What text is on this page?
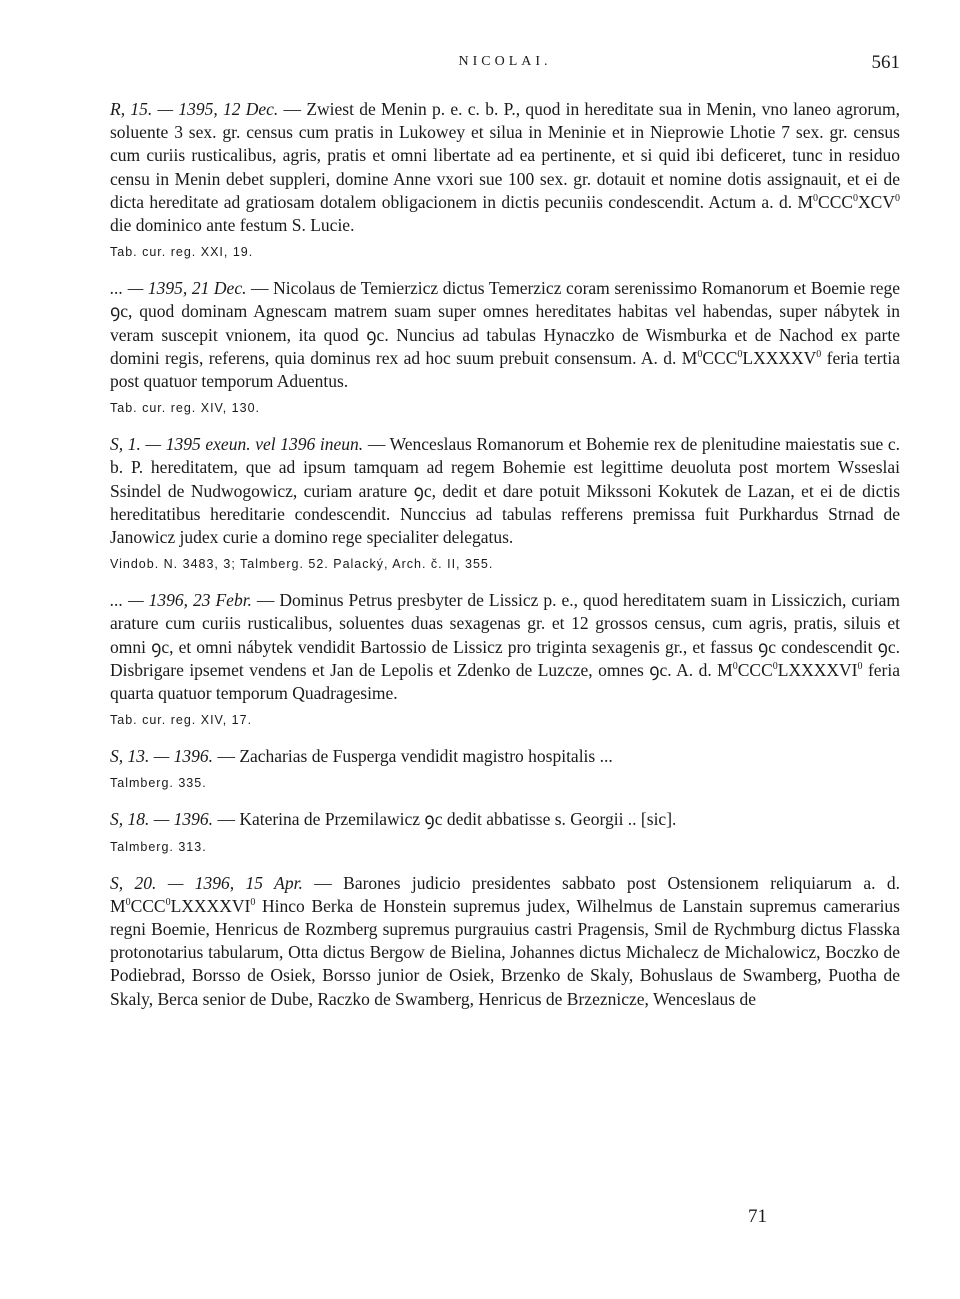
NICOLAI.	561

R, 15. — 1395, 12 Dec. — Zwiest de Menin p. e. c. b. P., quod in hereditate sua in Menin, vno laneo agrorum, soluente 3 sex. gr. census cum pratis in Lukowey et silua in Meninie et in Nieprowie Lhotie 7 sex. gr. census cum curiis rusticalibus, agris, pratis et omni libertate ad ea pertinente, et si quid ibi deficeret, tunc in residuo censu in Menin debet suppleri, domine Anne vxori sue 100 sex. gr. dotauit et nomine dotis assignauit, et ei de dicta hereditate ad gratiosam dotalem obligacionem in dictis pecuniis condescendit. Actum a. d. $M^0CCC^0XCV^0$ die dominico ante festum S. Lucie.

Tab. cur. reg. XXI, 19.

... — 1395, 21 Dec. — Nicolaus de Temierzicz dictus Temerzicz coram serenissimo Romanorum et Boemie rege ꝯc, quod dominam Agnescam matrem suam super omnes hereditates habitas vel habendas, super nábytek in veram suscepit vnionem, ita quod ꝯc. Nuncius ad tabulas Hynaczko de Wismburka et de Nachod ex parte domini regis, referens, quia dominus rex ad hoc suum prebuit consensum. A. d. $M^0CCC^0LXXXXV^0$ feria tertia post quatuor temporum Aduentus.

Tab. cur. reg. XIV, 130.

S, 1. — 1395 exeun. vel 1396 ineun. — Wenceslaus Romanorum et Bohemie rex de plenitudine maiestatis sue c. b. P. hereditatem, que ad ipsum tamquam ad regem Bohemie est legittime deuoluta post mortem Wsseslai Ssindel de Nudwogowicz, curiam arature ꝯc, dedit et dare potuit Mikssoni Kokutek de Lazan, et ei de dictis hereditatibus hereditarie condescendit. Nunccius ad tabulas refferens premissa fuit Purkhardus Strnad de Janowicz judex curie a domino rege specialiter delegatus.

Vindob. N. 3483, 3; Talmberg. 52. Palacký, Arch. č. II, 355.

... — 1396, 23 Febr. — Dominus Petrus presbyter de Lissicz p. e., quod hereditatem suam in Lissiczich, curiam arature cum curiis rusticalibus, soluentes duas sexagenas gr. et 12 grossos census, cum agris, pratis, siluis et omni ꝯc, et omni nábytek vendidit Bartossio de Lissicz pro triginta sexagenis gr., et fassus ꝯc condescendit ꝯc. Disbrigare ipsemet vendens et Jan de Lepolis et Zdenko de Luzcze, omnes ꝯc. A. d. $M^0CCC^0LXXXXVI^0$ feria quarta quatuor temporum Quadragesime.

Tab. cur. reg. XIV, 17.

S, 13. — 1396. — Zacharias de Fusperga vendidit magistro hospitalis ...

Talmberg. 335.

S, 18. — 1396. — Katerina de Przemilawicz ꝯc dedit abbatisse s. Georgii .. [sic].

Talmberg. 313.

S, 20. — 1396, 15 Apr. — Barones judicio presidentes sabbato post Ostensionem reliquiarum a. d. $M^0CCC^0LXXXXVI^0$ Hinco Berka de Honstein supremus judex, Wilhelmus de Lanstain supremus camerarius regni Boemie, Henricus de Rozmberg supremus purgrauius castri Pragensis, Smil de Rychmburg dictus Flasska protonotarius tabularum, Otta dictus Bergow de Bielina, Johannes dictus Michalecz de Michalowicz, Boczko de Podiebrad, Borsso de Osiek, Borsso junior de Osiek, Brzenko de Skaly, Bohuslaus de Swamberg, Puotha de Skaly, Berca senior de Dube, Raczko de Swamberg, Henricus de Brzeznicze, Wenceslaus de

71
